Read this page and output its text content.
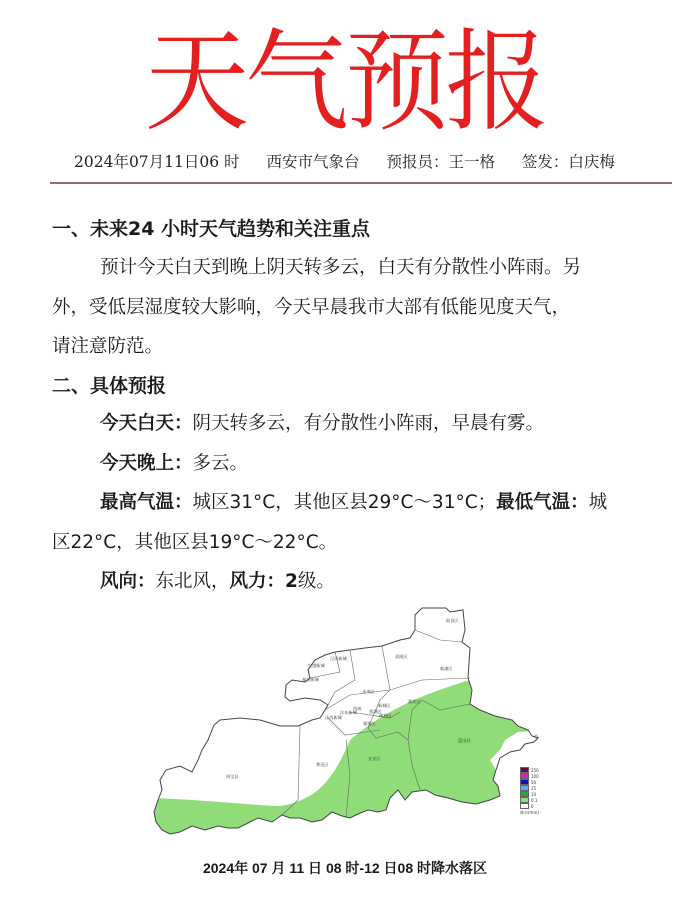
天气预报
2024年07月11日06 时 西安市气象台 预报员：王一格 签发：白庆梅
一、未来24 小时天气趋势和关注重点
预计今天白天到晚上阴天转多云，白天有分散性小阵雨。另
外，受低层湿度较大影响，今天早晨我市大部有低能见度天气，
请注意防范。
二、具体预报
今天白天：阴天转多云，有分散性小阵雨，早晨有雾。
今天晚上：多云。
最高气温：城区31°C，其他区县29°C～31°C；最低气温：城
区22°C，其他区县19°C～22°C。
风向：东北风，风力：2级。
阎良区
泾河新城	高陵区
空港新城
秦汉新城
临潼区
未央区
灞桥区
新城区
西咸
莲湖区
碑林区
沣东新城
沣西新城
雁塔区
蓝田县
长安区
鄠邑区
周至县
西
250
100
50
25
10
0.1
0
降水(mm)
2024年 07 月 11 日 08 时-12 日08 时降水落区
